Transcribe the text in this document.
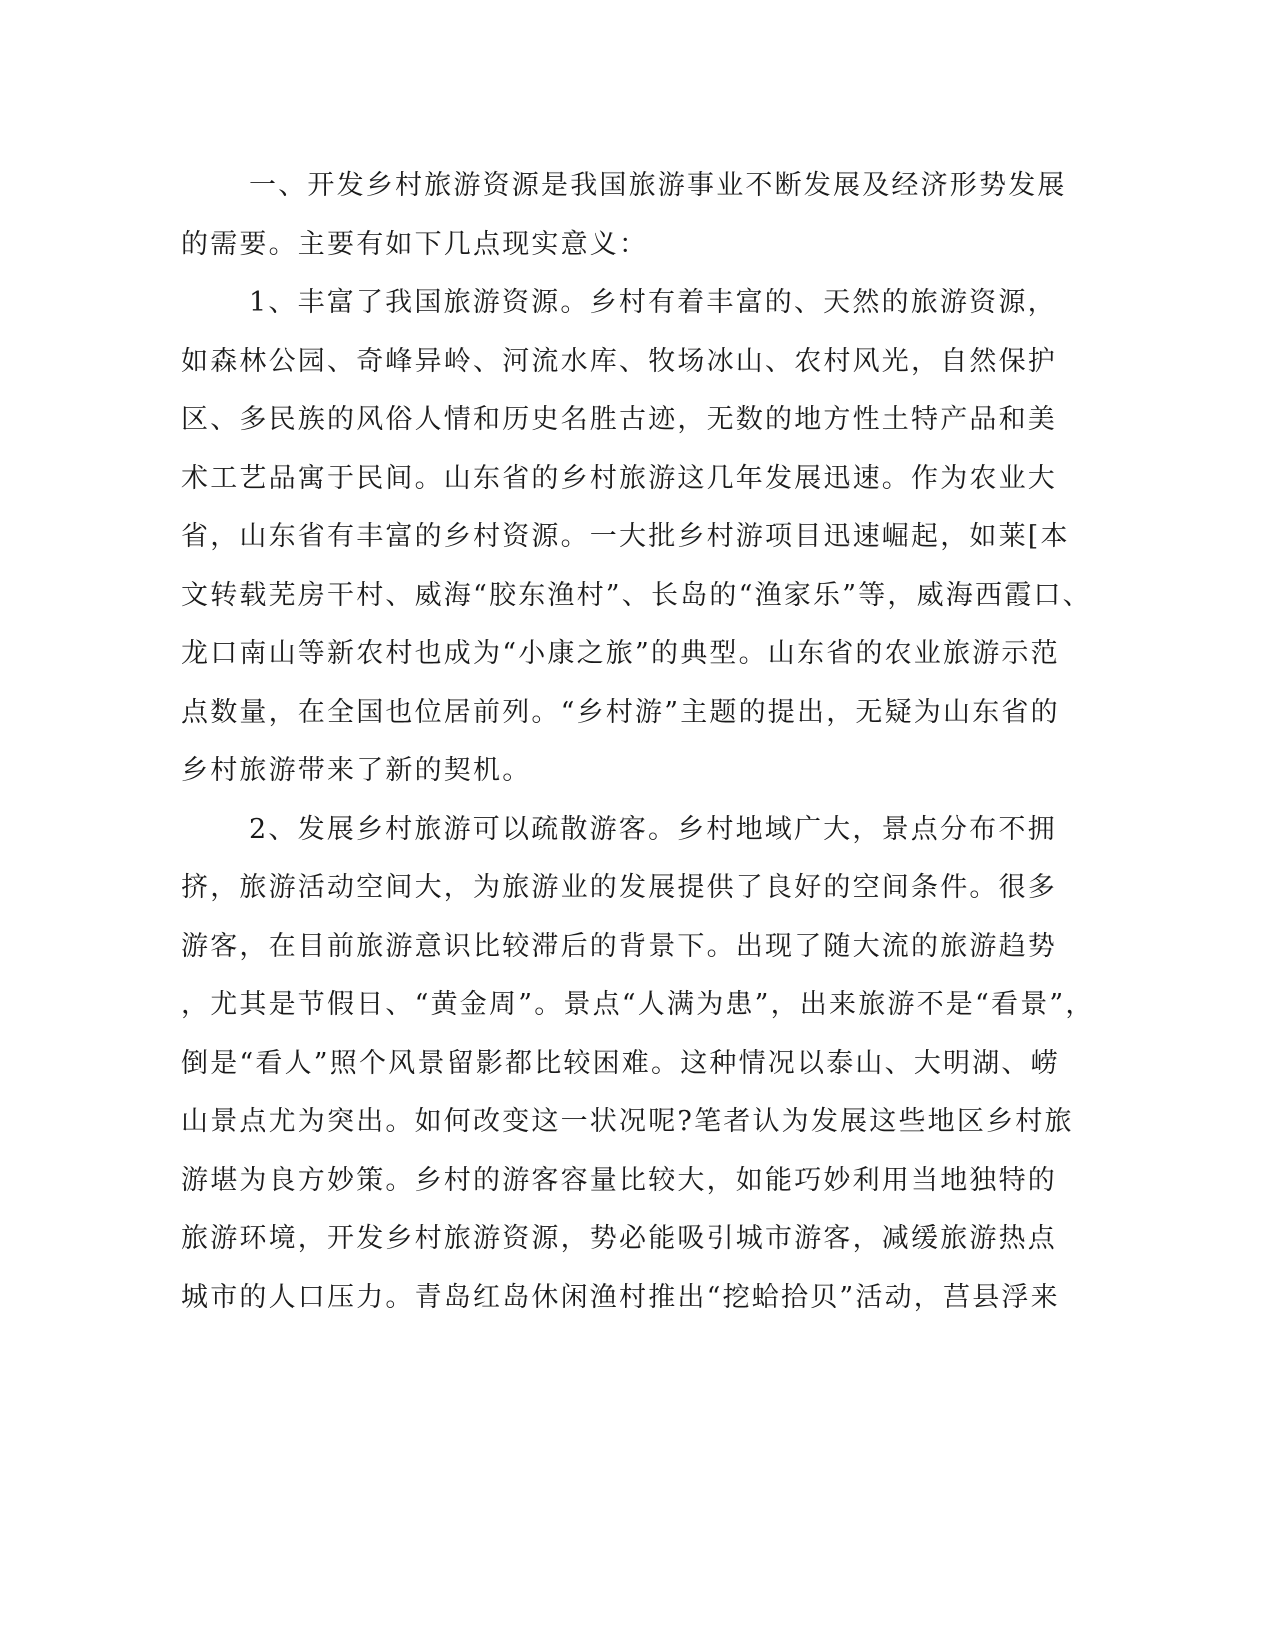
一、开发乡村旅游资源是我国旅游事业不断发展及经济形势发展
的需要。主要有如下几点现实意义：
1、丰富了我国旅游资源。乡村有着丰富的、天然的旅游资源，
如森林公园、奇峰异岭、河流水库、牧场冰山、农村风光，自然保护
区、多民族的风俗人情和历史名胜古迹，无数的地方性土特产品和美
术工艺品寓于民间。山东省的乡村旅游这几年发展迅速。作为农业大
省，山东省有丰富的乡村资源。一大批乡村游项目迅速崛起，如莱[本
文转载芜房干村、威海“胶东渔村”、长岛的“渔家乐”等，威海西霞口、
龙口南山等新农村也成为“小康之旅”的典型。山东省的农业旅游示范
点数量，在全国也位居前列。“乡村游”主题的提出，无疑为山东省的
乡村旅游带来了新的契机。
2、发展乡村旅游可以疏散游客。乡村地域广大，景点分布不拥
挤，旅游活动空间大，为旅游业的发展提供了良好的空间条件。很多
游客，在目前旅游意识比较滞后的背景下。出现了随大流的旅游趋势
，尤其是节假日、“黄金周”。景点“人满为患”，出来旅游不是“看景”，
倒是“看人”照个风景留影都比较困难。这种情况以泰山、大明湖、崂
山景点尤为突出。如何改变这一状况呢?笔者认为发展这些地区乡村旅
游堪为良方妙策。乡村的游客容量比较大，如能巧妙利用当地独特的
旅游环境，开发乡村旅游资源，势必能吸引城市游客，减缓旅游热点
城市的人口压力。青岛红岛休闲渔村推出“挖蛤拾贝”活动，莒县浮来
